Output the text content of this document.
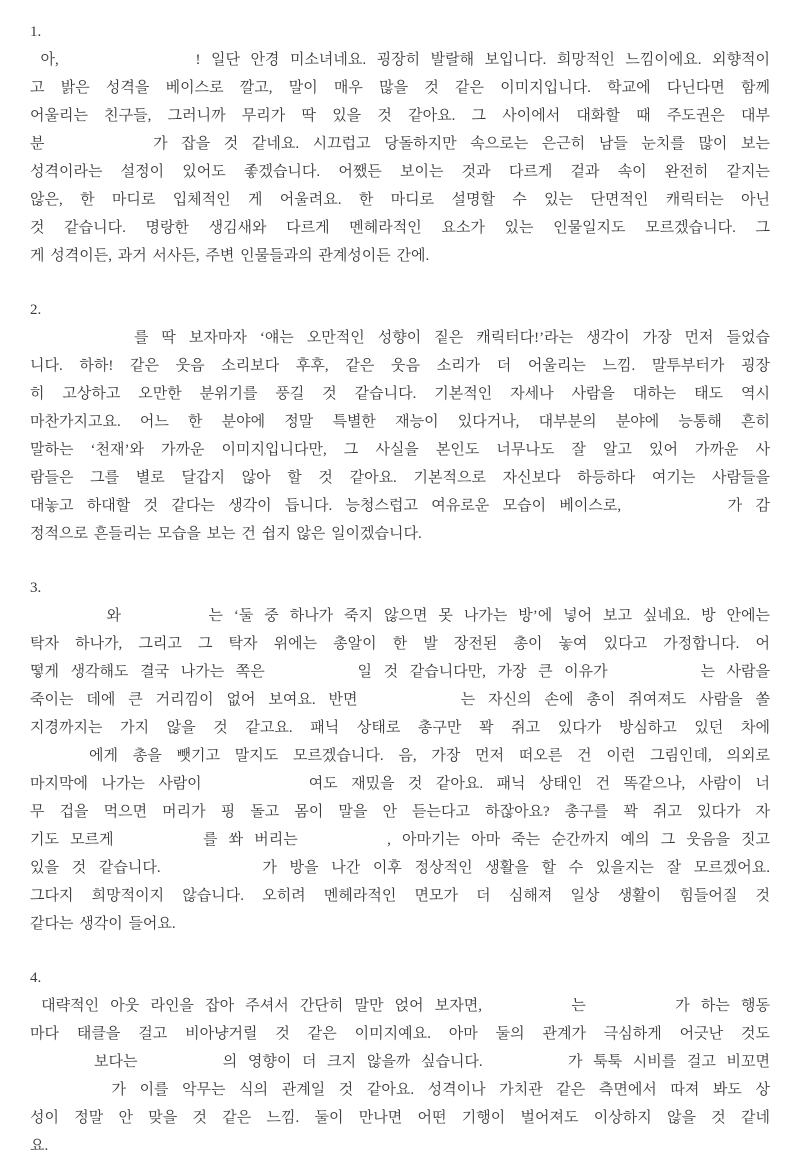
1.
아,             ! 일단 안경 미소녀네요. 굉장히 발랄해 보입니다. 희망적인 느낌이에요. 외향적이
고 밝은 성격을 베이스로 깔고, 말이 매우 많을 것 같은 이미지입니다. 학교에 다닌다면 함께
어울리는 친구들, 그러니까 무리가 딱 있을 것 같아요. 그 사이에서 대화할 때 주도권은 대부
분        가 잡을 것 같네요. 시끄럽고 당돌하지만 속으로는 은근히 남들 눈치를 많이 보는
성격이라는 설정이 있어도 좋겠습니다. 어쨌든 보이는 것과 다르게 겉과 속이 완전히 같지는
않은, 한 마디로 입체적인 게 어울려요. 한 마디로 설명할 수 있는 단면적인 캐릭터는 아닌
것 같습니다. 명랑한 생김새와 다르게 멘헤라적인 요소가 있는 인물일지도 모르겠습니다. 그
게 성격이든, 과거 서사든, 주변 인물들과의 관계성이든 간에.
2.
를 딱 보자마자 ‘얘는 오만적인 성향이 짙은 캐릭터다!’라는 생각이 가장 먼저 들었습
니다. 하하! 같은 웃음 소리보다 후후, 같은 웃음 소리가 더 어울리는 느낌. 말투부터가 굉장
히 고상하고 오만한 분위기를 풍길 것 같습니다. 기본적인 자세나 사람을 대하는 태도 역시
마찬가지고요. 어느 한 분야에 정말 특별한 재능이 있다거나, 대부분의 분야에 능통해 흔히
말하는 ‘천재’와 가까운 이미지입니다만, 그 사실을 본인도 너무나도 잘 알고 있어 가까운 사
람들은 그를 별로 달갑지 않아 할 것 같아요. 기본적으로 자신보다 하등하다 여기는 사람들을
대놓고 하대할 것 같다는 생각이 듭니다. 능청스럽고 여유로운 모습이 베이스로,        가 감
정적으로 흔들리는 모습을 보는 건 쉽지 않은 일이겠습니다.
3.
와        는 ‘둘 중 하나가 죽지 않으면 못 나가는 방’에 넣어 보고 싶네요. 방 안에는
탁자 하나가, 그리고 그 탁자 위에는 총알이 한 발 장전된 총이 놓여 있다고 가정합니다. 어
떻게 생각해도 결국 나가는 쪽은        일 것 같습니다만, 가장 큰 이유가        는 사람을
죽이는 데에 큰 거리낌이 없어 보여요. 반면        는 자신의 손에 총이 쥐여져도 사람을 쏠
지경까지는 가지 않을 것 같고요. 패닉 상태로 총구만 꽉 쥐고 있다가 방심하고 있던 차에
에게 총을 뺏기고 말지도 모르겠습니다. 음, 가장 먼저 떠오른 건 이런 그림인데, 의외로
마지막에 나가는 사람이        여도 재밌을 것 같아요. 패닉 상태인 건 똑같으나, 사람이 너
무 겁을 먹으면 머리가 핑 돌고 몸이 말을 안 듣는다고 하잖아요? 총구를 꽉 쥐고 있다가 자
기도 모르게        를 쏴 버리는        , 아마기는 아마 죽는 순간까지 예의 그 웃음을 짓고
있을 것 같습니다.        가 방을 나간 이후 정상적인 생활을 할 수 있을지는 잘 모르겠어요.
그다지 희망적이지 않습니다. 오히려 멘헤라적인 면모가 더 심해져 일상 생활이 힘들어질 것
같다는 생각이 들어요.
4.
대략적인 아웃 라인을 잡아 주셔서 간단히 말만 얹어 보자면,        는        가 하는 행동
마다 태클을 걸고 비아냥거릴 것 같은 이미지예요. 아마 둘의 관계가 극심하게 어긋난 것도
보다는        의 영향이 더 크지 않을까 싶습니다.        가 툭툭 시비를 걸고 비꼬면
가 이를 악무는 식의 관계일 것 같아요. 성격이나 가치관 같은 측면에서 따져 봐도 상
성이 정말 안 맞을 것 같은 느낌. 둘이 만나면 어떤 기행이 벌어져도 이상하지 않을 것 같네
요.
